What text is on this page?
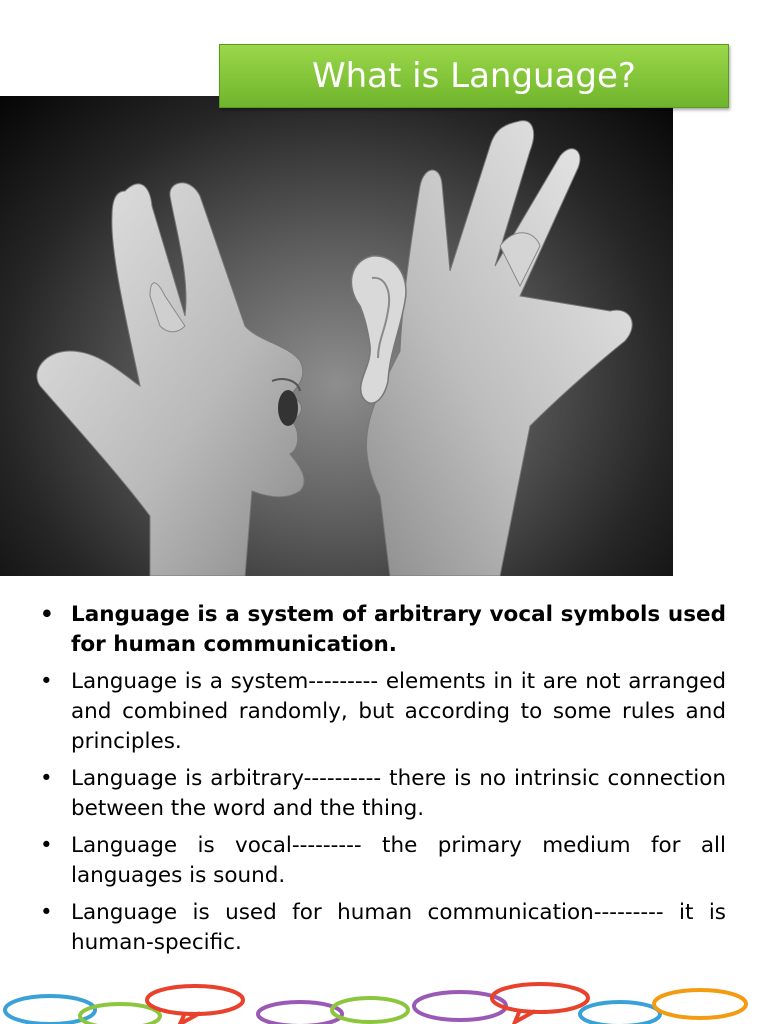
What is Language?
• Language is a system of arbitrary vocal symbols used for human communication.
• Language is a system--------- elements in it are not arranged and combined randomly, but according to some rules and principles.
• Language is arbitrary---------- there is no intrinsic connection between the word and the thing.
• Language is vocal--------- the primary medium for all languages is sound.
• Language is used for human communication--------- it is human-specific.
